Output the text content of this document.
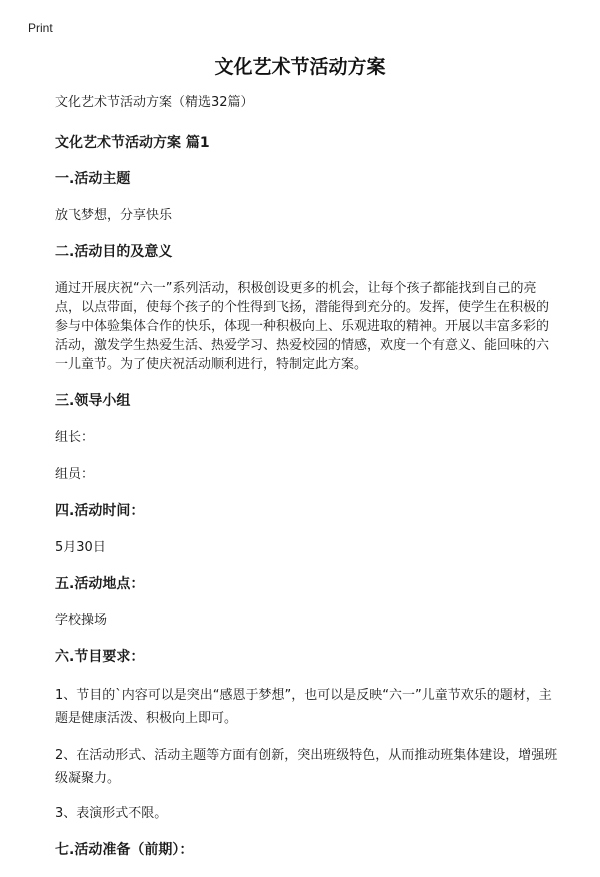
Print
文化艺术节活动方案
文化艺术节活动方案（精选32篇）
文化艺术节活动方案 篇1
一.活动主题
放飞梦想，分享快乐
二.活动目的及意义
通过开展庆祝“六一”系列活动，积极创设更多的机会，让每个孩子都能找到自己的亮点，以点带面，使每个孩子的个性得到飞扬，潜能得到充分的。发挥，使学生在积极的参与中体验集体合作的快乐，体现一种积极向上、乐观进取的精神。开展以丰富多彩的活动，激发学生热爱生活、热爱学习、热爱校园的情感，欢度一个有意义、能回味的六一儿童节。为了使庆祝活动顺利进行，特制定此方案。
三.领导小组
组长：
组员：
四.活动时间：
5月30日
五.活动地点：
学校操场
六.节目要求：
1、节目的`内容可以是突出“感恩于梦想”，也可以是反映“六一”儿童节欢乐的题材，主题是健康活泼、积极向上即可。
2、在活动形式、活动主题等方面有创新，突出班级特色，从而推动班集体建设，增强班级凝聚力。
3、表演形式不限。
七.活动准备（前期）：
